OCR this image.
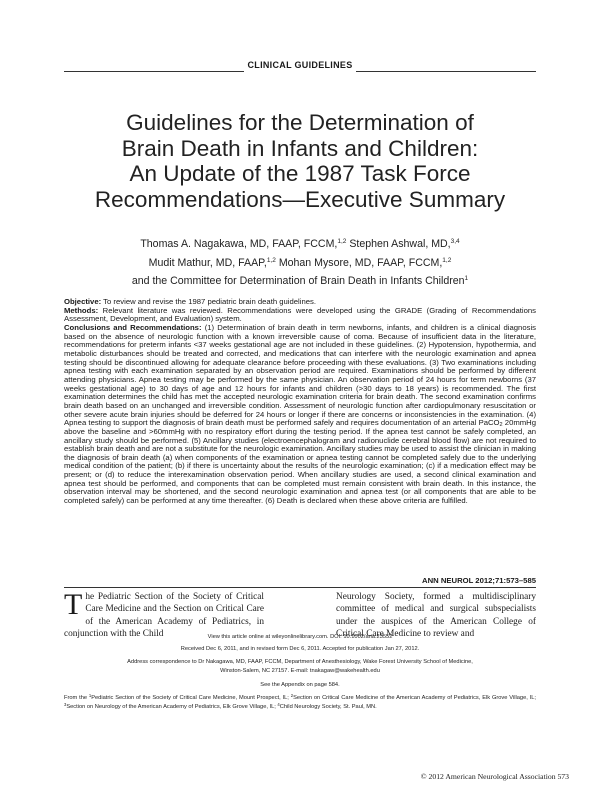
CLINICAL GUIDELINES
Guidelines for the Determination of
Brain Death in Infants and Children:
An Update of the 1987 Task Force
Recommendations—Executive Summary
Thomas A. Nagakawa, MD, FAAP, FCCM,$^{1,2}$ Stephen Ashwal, MD,$^{3,4}$
Mudit Mathur, MD, FAAP,$^{1,2}$ Mohan Mysore, MD, FAAP, FCCM,$^{1,2}$
and the Committee for Determination of Brain Death in Infants Children$^1$

Objective: To review and revise the 1987 pediatric brain death guidelines.

Methods: Relevant literature was reviewed. Recommendations were developed using the GRADE (Grading of Recommendations Assessment, Development, and Evaluation) system.

Conclusions and Recommendations: (1) Determination of brain death in term newborns, infants, and children is a clinical diagnosis based on the absence of neurologic function with a known irreversible cause of coma. Because of insufficient data in the literature, recommendations for preterm infants <37 weeks gestational age are not included in these guidelines. (2) Hypotension, hypothermia, and metabolic disturbances should be treated and corrected, and medications that can interfere with the neurologic examination and apnea testing should be discontinued allowing for adequate clearance before proceeding with these evaluations. (3) Two examinations including apnea testing with each examination separated by an observation period are required. Examinations should be performed by different attending physicians. Apnea testing may be performed by the same physician. An observation period of 24 hours for term newborns (37 weeks gestational age) to 30 days of age and 12 hours for infants and children (>30 days to 18 years) is recommended. The first examination determines the child has met the accepted neurologic examination criteria for brain death. The second examination confirms brain death based on an unchanged and irreversible condition. Assessment of neurologic function after cardiopulmonary resuscitation or other severe acute brain injuries should be deferred for 24 hours or longer if there are concerns or inconsistencies in the examination. (4) Apnea testing to support the diagnosis of brain death must be performed safely and requires documentation of an arterial PaCO$_2$ 20mmHg above the baseline and >60mmHg with no respiratory effort during the testing period. If the apnea test cannot be safely completed, an ancillary study should be performed. (5) Ancillary studies (electroencephalogram and radionuclide cerebral blood flow) are not required to establish brain death and are not a substitute for the neurologic examination. Ancillary studies may be used to assist the clinician in making the diagnosis of brain death (a) when components of the examination or apnea testing cannot be completed safely due to the underlying medical condition of the patient; (b) if there is uncertainty about the results of the neurologic examination; (c) if a medication effect may be present; or (d) to reduce the interexamination observation period. When ancillary studies are used, a second clinical examination and apnea test should be performed, and components that can be completed must remain consistent with brain death. In this instance, the observation interval may be shortened, and the second neurologic examination and apnea test (or all components that are able to be completed safely) can be performed at any time thereafter. (6) Death is declared when these above criteria are fulfilled.

ANN NEUROL 2012;71:573–585
The Pediatric Section of the Society of Critical Care Medicine and the Section on Critical Care of the American Academy of Pediatrics, in conjunction with the Child
Neurology Society, formed a multidisciplinary committee of medical and surgical subspecialists under the auspices of the American College of Critical Care Medicine to review and
View this article online at wileyonlinelibrary.com. DOI: 10.1002/ana.23552
Received Dec 6, 2011, and in revised form Dec 6, 2011. Accepted for publication Jan 27, 2012.
Address correspondence to Dr Nakagawa, MD, FAAP, FCCM, Department of Anesthesiology, Wake Forest University School of Medicine,
Winston-Salem, NC 27157. E-mail: tnakagaw@wakehealth.edu
See the Appendix on page 584.
From the $^1$Pediatric Section of the Society of Critical Care Medicine, Mount Prospect, IL; $^2$Section on Critical Care Medicine of the American Academy of Pediatrics, Elk Grove Village, IL; $^3$Section on Neurology of the American Academy of Pediatrics, Elk Grove Village, IL; $^4$Child Neurology Society, St. Paul, MN.
© 2012 American Neurological Association 573
